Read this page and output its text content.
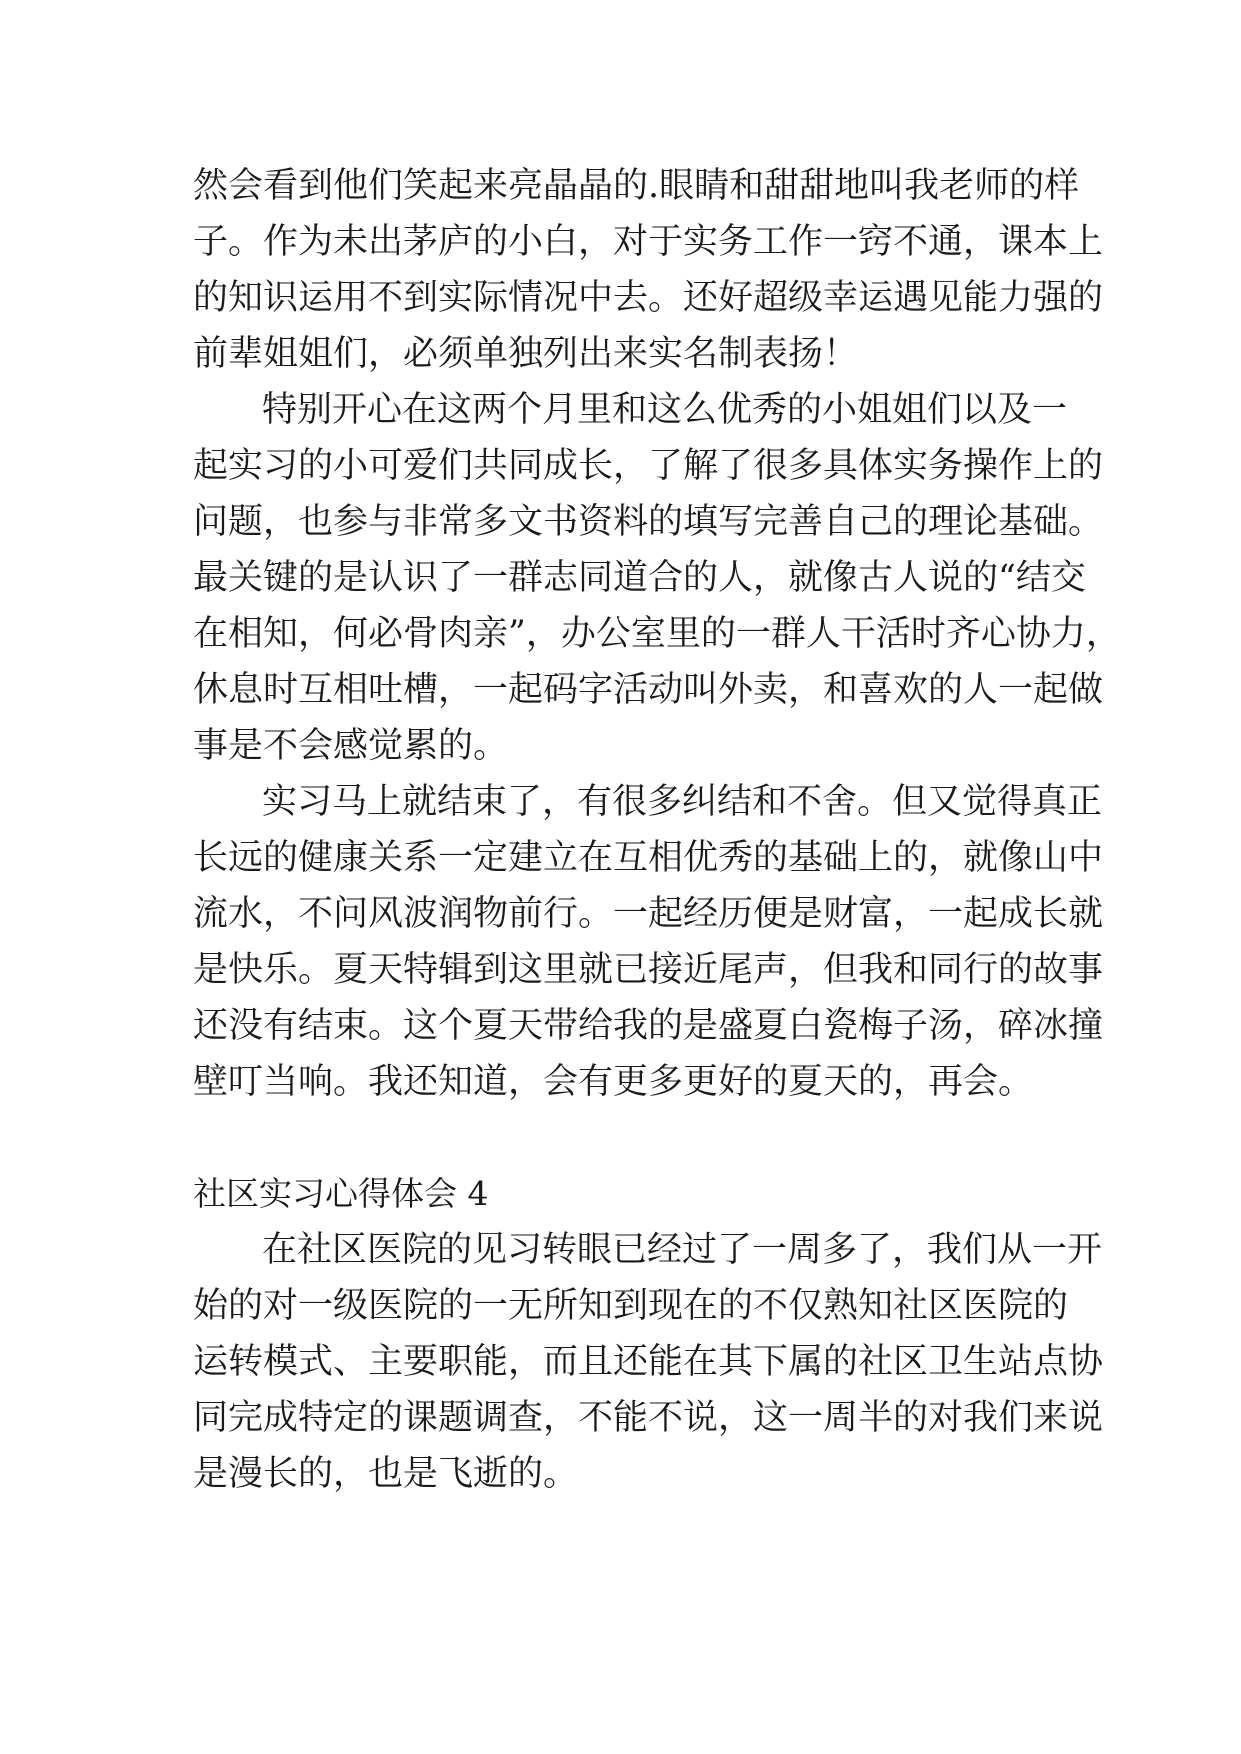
然会看到他们笑起来亮晶晶的.眼睛和甜甜地叫我老师的样
子。作为未出茅庐的小白，对于实务工作一窍不通，课本上
的知识运用不到实际情况中去。还好超级幸运遇见能力强的
前辈姐姐们，必须单独列出来实名制表扬！
特别开心在这两个月里和这么优秀的小姐姐们以及一
起实习的小可爱们共同成长，了解了很多具体实务操作上的
问题，也参与非常多文书资料的填写完善自己的理论基础。
最关键的是认识了一群志同道合的人，就像古人说的“结交
在相知，何必骨肉亲”，办公室里的一群人干活时齐心协力，
休息时互相吐槽，一起码字活动叫外卖，和喜欢的人一起做
事是不会感觉累的。
实习马上就结束了，有很多纠结和不舍。但又觉得真正
长远的健康关系一定建立在互相优秀的基础上的，就像山中
流水，不问风波润物前行。一起经历便是财富，一起成长就
是快乐。夏天特辑到这里就已接近尾声，但我和同行的故事
还没有结束。这个夏天带给我的是盛夏白瓷梅子汤，碎冰撞
壁叮当响。我还知道，会有更多更好的夏天的，再会。
社区实习心得体会 4
在社区医院的见习转眼已经过了一周多了，我们从一开
始的对一级医院的一无所知到现在的不仅熟知社区医院的
运转模式、主要职能，而且还能在其下属的社区卫生站点协
同完成特定的课题调查，不能不说，这一周半的对我们来说
是漫长的，也是飞逝的。
